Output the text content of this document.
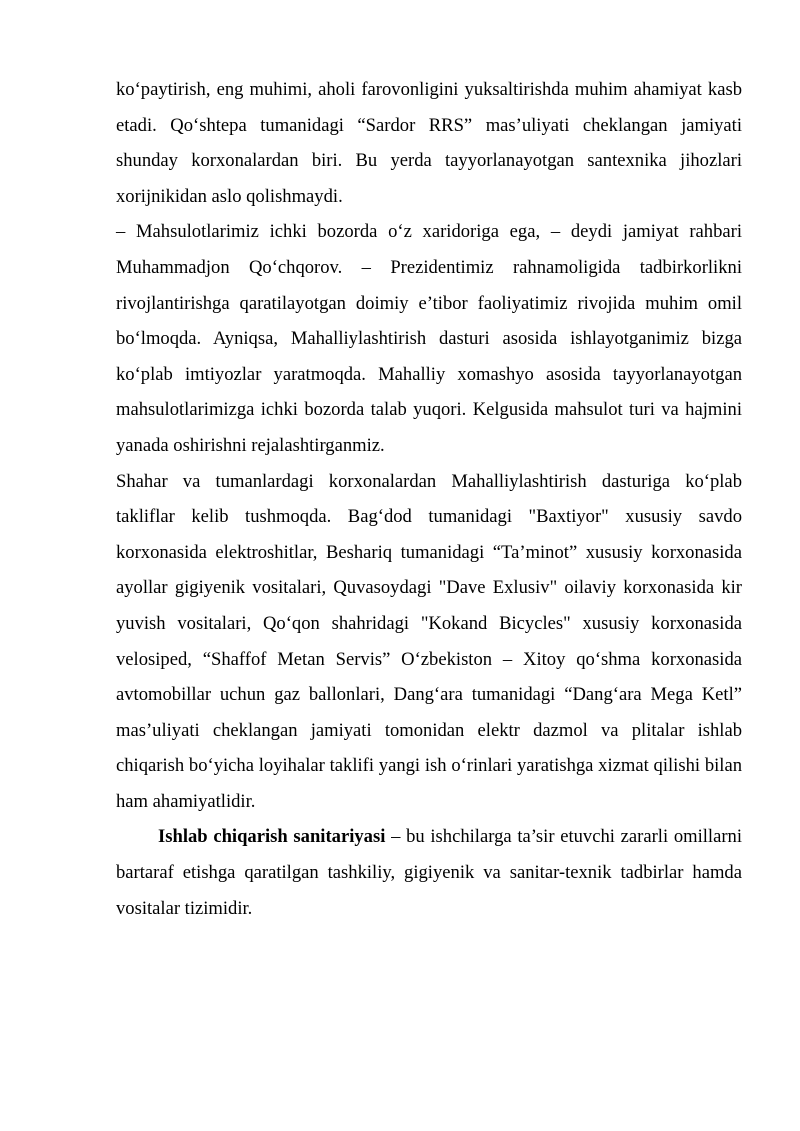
ko‘paytirish, eng muhimi, aholi farovonligini yuksaltirishda muhim ahamiyat kasb etadi. Qo‘shtepa tumanidagi “Sardor RRS” mas’uliyati cheklangan jamiyati shunday korxonalardan biri. Bu yerda tayyorlanayotgan santexnika jihozlari xorijnikidan aslo qolishmaydi.

– Mahsulotlarimiz ichki bozorda o‘z xaridoriga ega, – deydi jamiyat rahbari Muhammadjon Qo‘chqorov. – Prezidentimiz rahnamoligida tadbirkorlikni rivojlantirishga qaratilayotgan doimiy e’tibor faoliyatimiz rivojida muhim omil bo‘lmoqda. Ayniqsa, Mahalliylashtirish dasturi asosida ishlayotganimiz bizga ko‘plab imtiyozlar yaratmoqda. Mahalliy xomashyo asosida tayyorlanayotgan mahsulotlarimizga ichki bozorda talab yuqori. Kelgusida mahsulot turi va hajmini yanada oshirishni rejalashtirganmiz.

Shahar va tumanlardagi korxonalardan Mahalliylashtirish dasturiga ko‘plab takliflar kelib tushmoqda. Bag‘dod tumanidagi "Baxtiyor" xususiy savdo korxonasida elektroshitlar, Beshariq tumanidagi “Ta’minot” xususiy korxonasida ayollar gigiyenik vositalari, Quvasoydagi "Dave Exlusiv" oilaviy korxonasida kir yuvish vositalari, Qo‘qon shahridagi "Kokand Bicycles" xususiy korxonasida velosiped, “Shaffof Metan Servis” O‘zbekiston – Xitoy qo‘shma korxonasida avtomobillar uchun gaz ballonlari, Dang‘ara tumanidagi “Dang‘ara Mega Ketl” mas’uliyati cheklangan jamiyati tomonidan elektr dazmol va plitalar ishlab chiqarish bo‘yicha loyihalar taklifi yangi ish o‘rinlari yaratishga xizmat qilishi bilan ham ahamiyatlidir.

Ishlab chiqarish sanitariyasi – bu ishchilarga ta’sir etuvchi zararli omillarni bartaraf etishga qaratilgan tashkiliy, gigiyenik va sanitar-texnik tadbirlar hamda vositalar tizimidir.
